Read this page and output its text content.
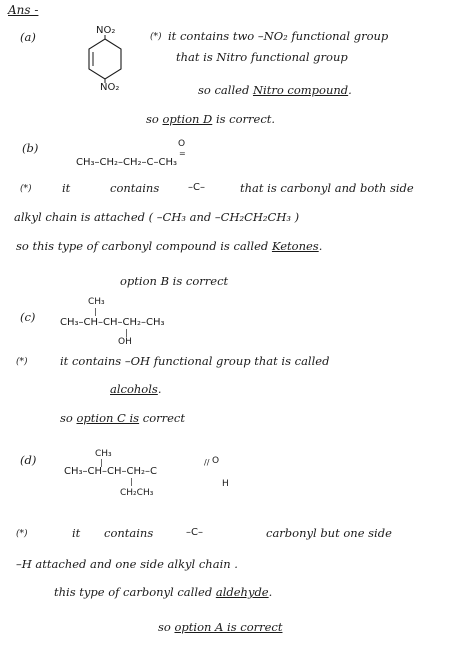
Ans -
(a)	NO₂
NO₂
(*) it contains two –NO₂ functional group
that is Nitro functional group
so called Nitro compound.
so option D is correct.
(b)	O
=
CH₃–CH₂–CH₂–C–CH₃
(*)	it	contains	–C–	that is carbonyl and both side
alkyl chain is attached ( –CH₃ and –CH₂CH₂CH₃ )
so this type of carbonyl compound is called Ketones.
option B is correct
(c)
CH₃
|
CH₃–CH–CH–CH₂–CH₃
|
OH
(*)	it contains –OH functional group that is called
alcohols.
so option C is correct
(d)	CH₃
|
CH₃–CH–CH–CH₂–C
O
//
H
|
CH₂CH₃
(*)	it contains	–C–	carbonyl but one side
–H attached and one side alkyl chain .
this type of carbonyl called aldehyde.
so option A is correct
